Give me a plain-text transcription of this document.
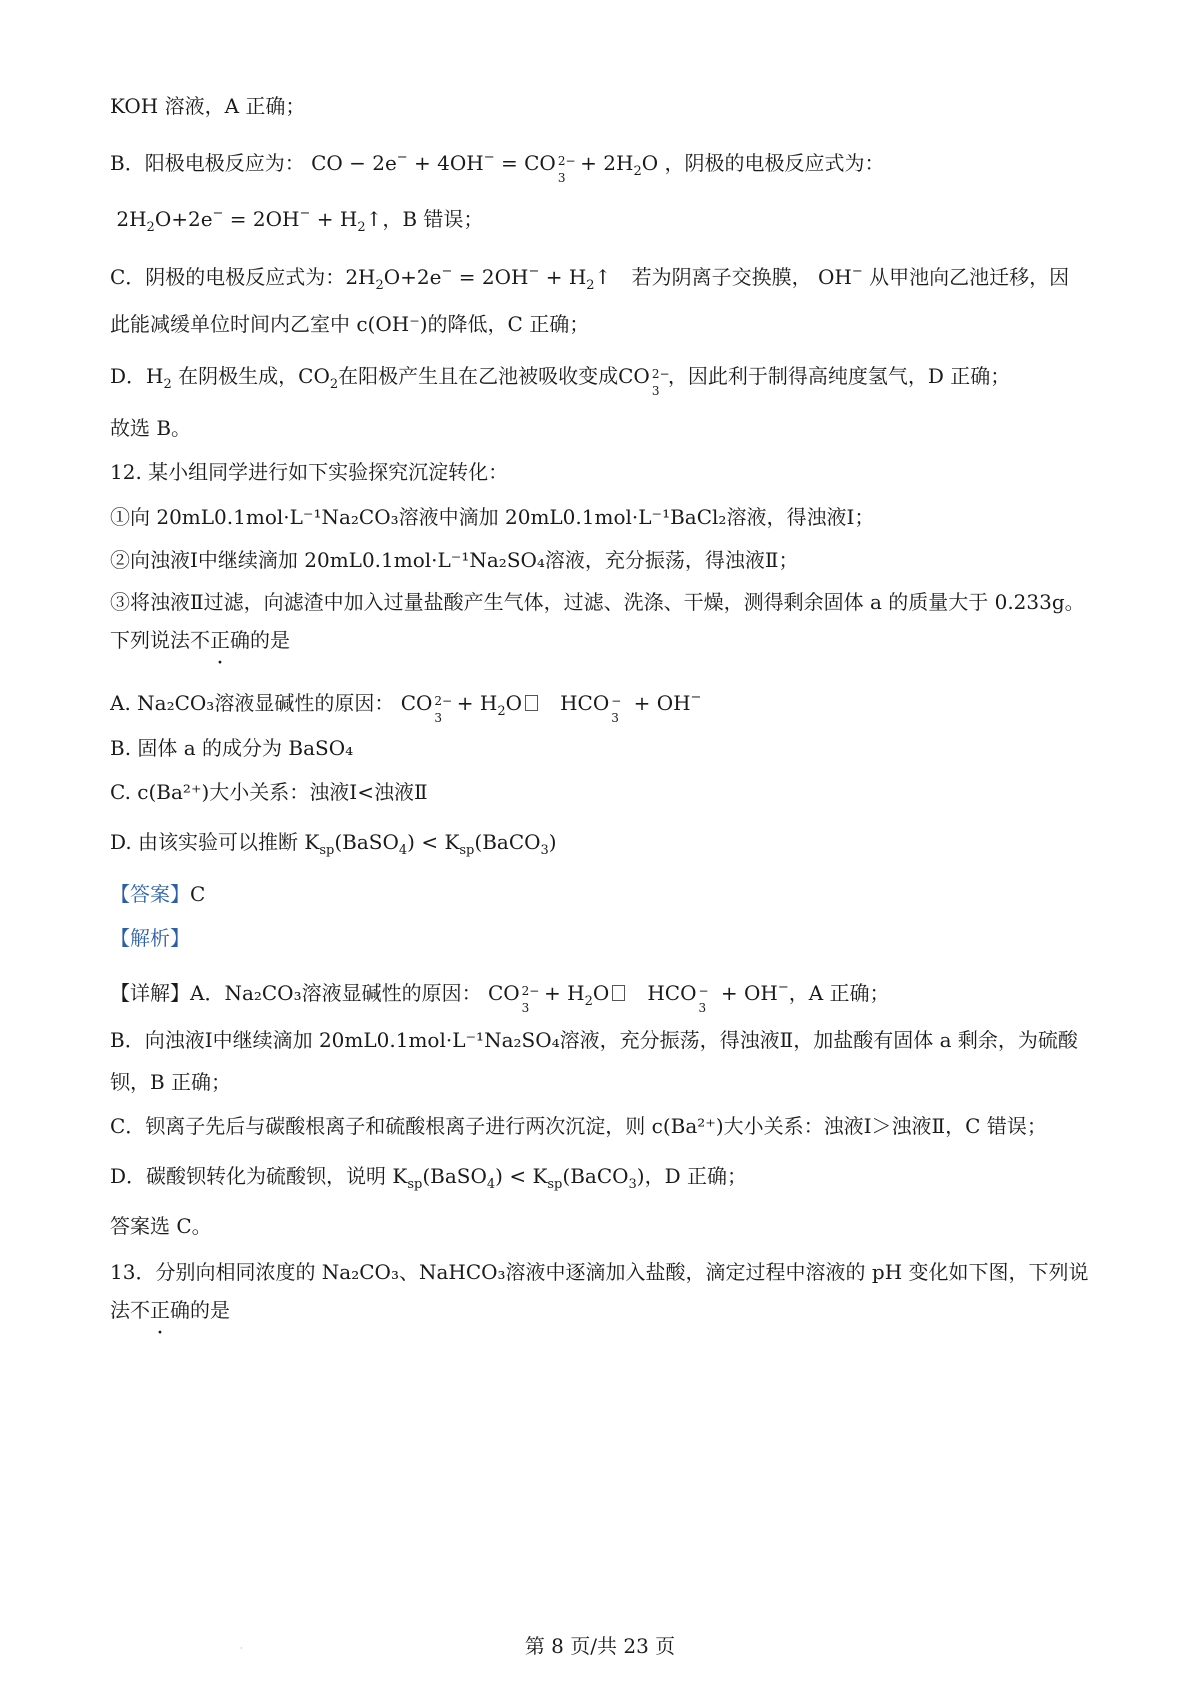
KOH 溶液，A 正确；
B．阳极电极反应为： CO − 2e− + 4OH− = CO 2−
3
+ $2H_2O$ ，阴极的电极反应式为：
$2H_2O+2e^- = 2OH^-$ + $H_2↑$，B 错误；
C．阴极的电极反应式为：$2H_2O+2e^- = 2OH^-$ + $H_2↑$ 若为阴离子交换膜， OH− 从甲池向乙池迁移，因
此能减缓单位时间内乙室中 c(OH⁻)的降低，C 正确；
D．$H_2$ 在阴极生成，$CO_2$在阳极产生且在乙池被吸收变成CO 2−
3
，因此利于制得高纯度氢气，D 正确；
故选 B。
12. 某小组同学进行如下实验探究沉淀转化：
①向 20mL0.1mol·L⁻¹Na₂CO₃溶液中滴加 20mL0.1mol·L⁻¹BaCl₂溶液，得浊液Ⅰ；
②向浊液Ⅰ中继续滴加 20mL0.1mol·L⁻¹Na₂SO₄溶液，充分振荡，得浊液Ⅱ；
③将浊液Ⅱ过滤，向滤渣中加入过量盐酸产生气体，过滤、洗涤、干燥，测得剩余固体 a 的质量大于 0.233g。
下列说法不正确的是
A. Na₂CO₃溶液显碱性的原因： CO 2−
3
+ $H_2O$   HCO −
3
+ OH−
B. 固体 a 的成分为 BaSO₄
C. c(Ba²⁺)大小关系：浊液Ⅰ<浊液Ⅱ
D. 由该实验可以推断 $K_{sp}(BaSO_4)$ < $K_{sp}(BaCO_3)$
【答案】C
【解析】
【详解】A．Na₂CO₃溶液显碱性的原因： CO 2−
3
+ $H_2O$   HCO −
3
+ OH−，A 正确；
B．向浊液Ⅰ中继续滴加 20mL0.1mol·L⁻¹Na₂SO₄溶液，充分振荡，得浊液Ⅱ，加盐酸有固体 a 剩余，为硫酸
钡，B 正确；
C．钡离子先后与碳酸根离子和硫酸根离子进行两次沉淀，则 c(Ba²⁺)大小关系：浊液Ⅰ＞浊液Ⅱ，C 错误；
D．碳酸钡转化为硫酸钡，说明 $K_{sp}(BaSO_4)$ < $K_{sp}(BaCO_3)$，D 正确；
答案选 C。
13．分别向相同浓度的 Na₂CO₃、NaHCO₃溶液中逐滴加入盐酸，滴定过程中溶液的 pH 变化如下图，下列说
法不正确的是
·	第 8 页/共 23 页
